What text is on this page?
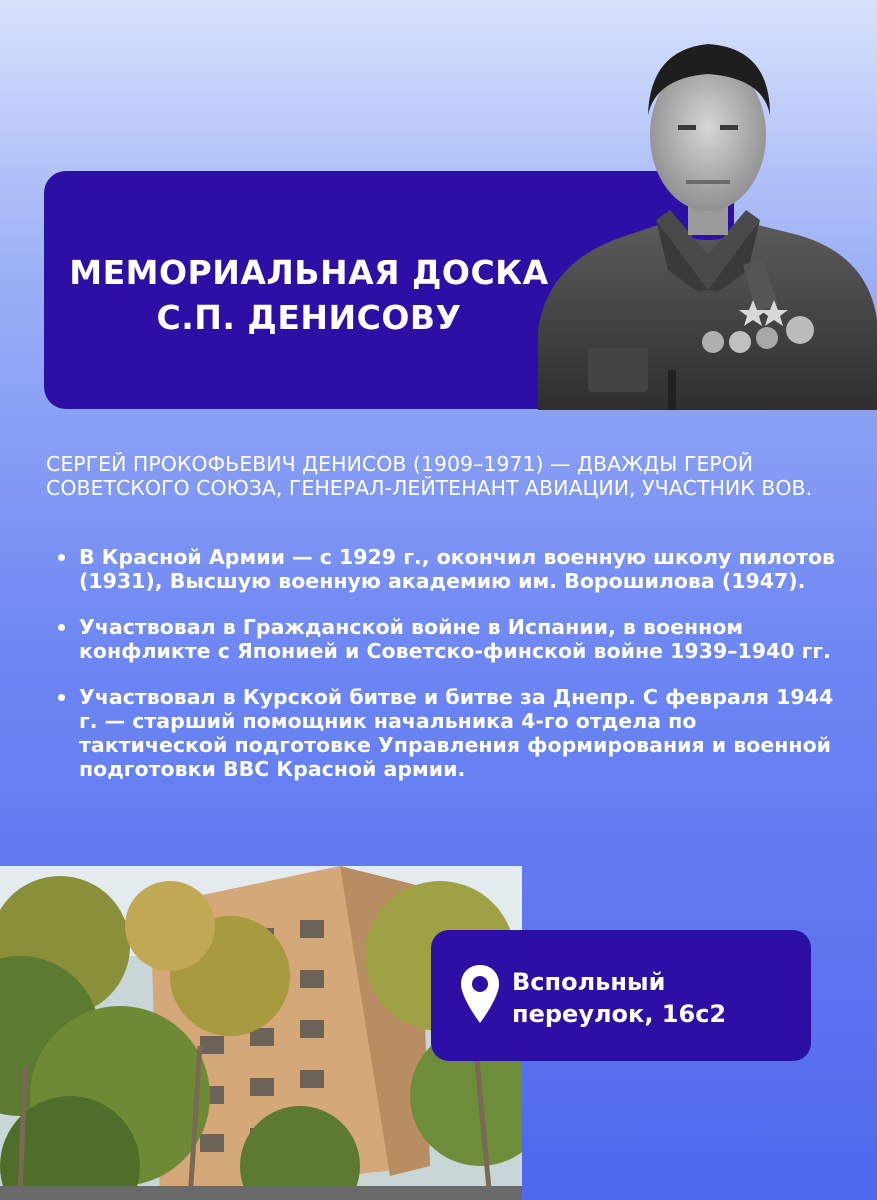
МЕМОРИАЛЬНАЯ ДОСКА
С.П. ДЕНИСОВУ

СЕРГЕЙ ПРОКОФЬЕВИЧ ДЕНИСОВ (1909–1971) — ДВАЖДЫ ГЕРОЙ СОВЕТСКОГО СОЮЗА, ГЕНЕРАЛ-ЛЕЙТЕНАНТ АВИАЦИИ, УЧАСТНИК ВОВ.

В Красной Армии — с 1929 г., окончил военную школу пилотов (1931), Высшую военную академию им. Ворошилова (1947).
Участвовал в Гражданской войне в Испании, в военном конфликте с Японией и Советско-финской войне 1939–1940 гг.
Участвовал в Курской битве и битве за Днепр. С февраля 1944 г. — старший помощник начальника 4-го отдела по тактической подготовке Управления формирования и военной подготовки ВВС Красной армии.
Вспольный
переулок, 16с2
